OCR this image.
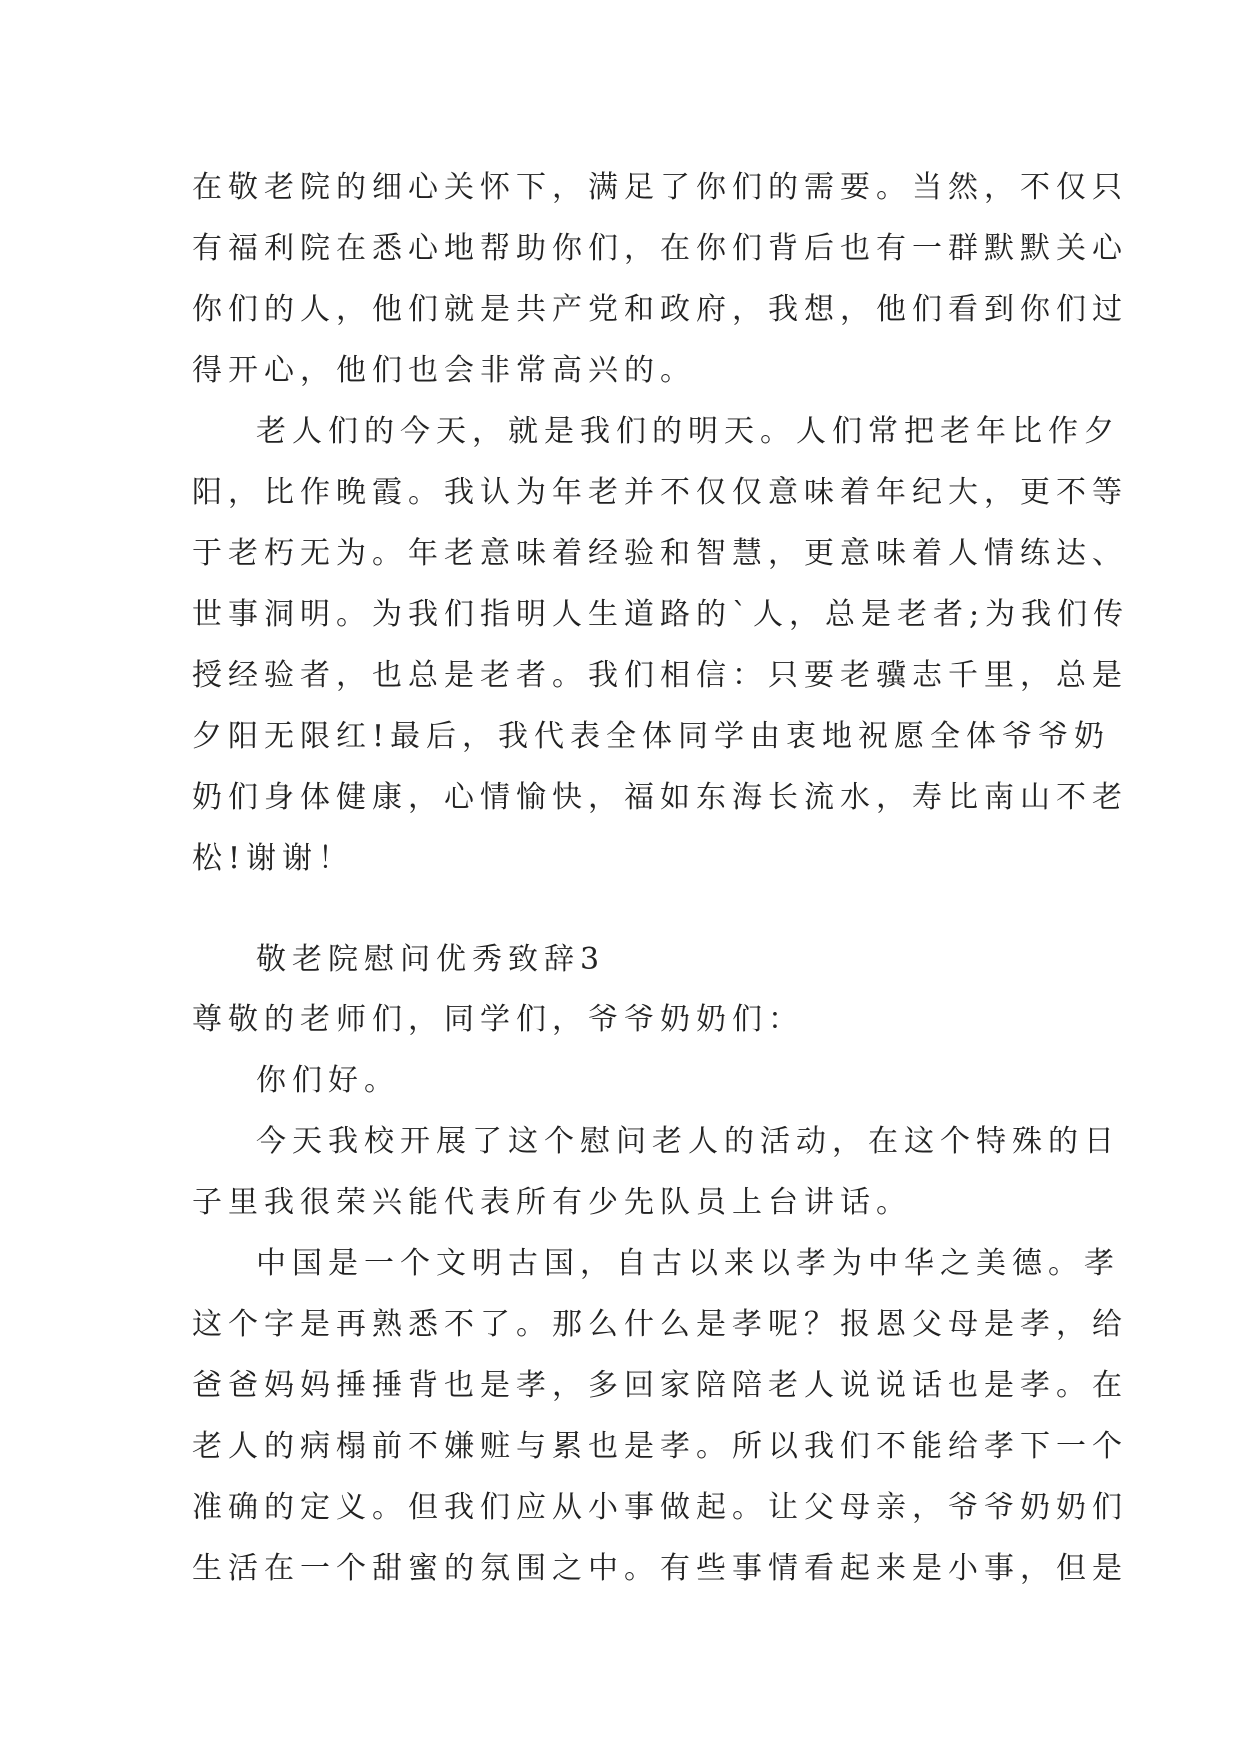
在敬老院的细心关怀下，满足了你们的需要。当然，不仅只
有福利院在悉心地帮助你们，在你们背后也有一群默默关心
你们的人，他们就是共产党和政府，我想，他们看到你们过
得开心，他们也会非常高兴的。
老人们的今天，就是我们的明天。人们常把老年比作夕
阳，比作晚霞。我认为年老并不仅仅意味着年纪大，更不等
于老朽无为。年老意味着经验和智慧，更意味着人情练达、
世事洞明。为我们指明人生道路的`人，总是老者;为我们传
授经验者，也总是老者。我们相信：只要老骥志千里，总是
夕阳无限红!最后，我代表全体同学由衷地祝愿全体爷爷奶
奶们身体健康，心情愉快，福如东海长流水，寿比南山不老
松!谢谢！
敬老院慰问优秀致辞3
尊敬的老师们，同学们，爷爷奶奶们：
你们好。
今天我校开展了这个慰问老人的活动，在这个特殊的日
子里我很荣兴能代表所有少先队员上台讲话。
中国是一个文明古国，自古以来以孝为中华之美德。孝
这个字是再熟悉不了。那么什么是孝呢？报恩父母是孝，给
爸爸妈妈捶捶背也是孝，多回家陪陪老人说说话也是孝。在
老人的病榻前不嫌赃与累也是孝。所以我们不能给孝下一个
准确的定义。但我们应从小事做起。让父母亲，爷爷奶奶们
生活在一个甜蜜的氛围之中。有些事情看起来是小事，但是
